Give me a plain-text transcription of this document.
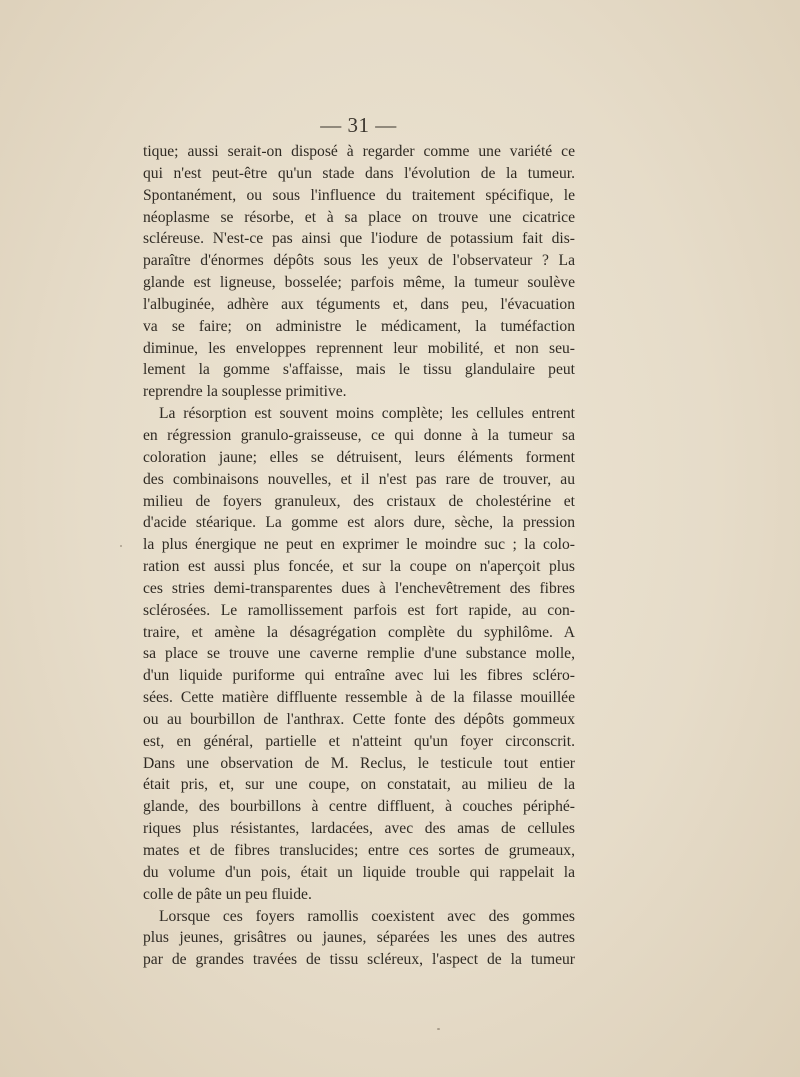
— 31 —
tique; aussi serait-on disposé à regarder comme une variété ce
qui n'est peut-être qu'un stade dans l'évolution de la tumeur.
Spontanément, ou sous l'influence du traitement spécifique, le
néoplasme se résorbe, et à sa place on trouve une cicatrice
scléreuse. N'est-ce pas ainsi que l'iodure de potassium fait dis-
paraître d'énormes dépôts sous les yeux de l'observateur ? La
glande est ligneuse, bosselée; parfois même, la tumeur soulève
l'albuginée, adhère aux téguments et, dans peu, l'évacuation
va se faire; on administre le médicament, la tuméfaction
diminue, les enveloppes reprennent leur mobilité, et non seu-
lement la gomme s'affaisse, mais le tissu glandulaire peut
reprendre la souplesse primitive.
La résorption est souvent moins complète; les cellules entrent
en régression granulo-graisseuse, ce qui donne à la tumeur sa
coloration jaune; elles se détruisent, leurs éléments forment
des combinaisons nouvelles, et il n'est pas rare de trouver, au
milieu de foyers granuleux, des cristaux de cholestérine et
d'acide stéarique. La gomme est alors dure, sèche, la pression
la plus énergique ne peut en exprimer le moindre suc ; la colo-
ration est aussi plus foncée, et sur la coupe on n'aperçoit plus
ces stries demi-transparentes dues à l'enchevêtrement des fibres
sclérosées. Le ramollissement parfois est fort rapide, au con-
traire, et amène la désagrégation complète du syphilôme. A
sa place se trouve une caverne remplie d'une substance molle,
d'un liquide puriforme qui entraîne avec lui les fibres scléro-
sées. Cette matière diffluente ressemble à de la filasse mouillée
ou au bourbillon de l'anthrax. Cette fonte des dépôts gommeux
est, en général, partielle et n'atteint qu'un foyer circonscrit.
Dans une observation de M. Reclus, le testicule tout entier
était pris, et, sur une coupe, on constatait, au milieu de la
glande, des bourbillons à centre diffluent, à couches périphé-
riques plus résistantes, lardacées, avec des amas de cellules
mates et de fibres translucides; entre ces sortes de grumeaux,
du volume d'un pois, était un liquide trouble qui rappelait la
colle de pâte un peu fluide.
Lorsque ces foyers ramollis coexistent avec des gommes
plus jeunes, grisâtres ou jaunes, séparées les unes des autres
par de grandes travées de tissu scléreux, l'aspect de la tumeur
